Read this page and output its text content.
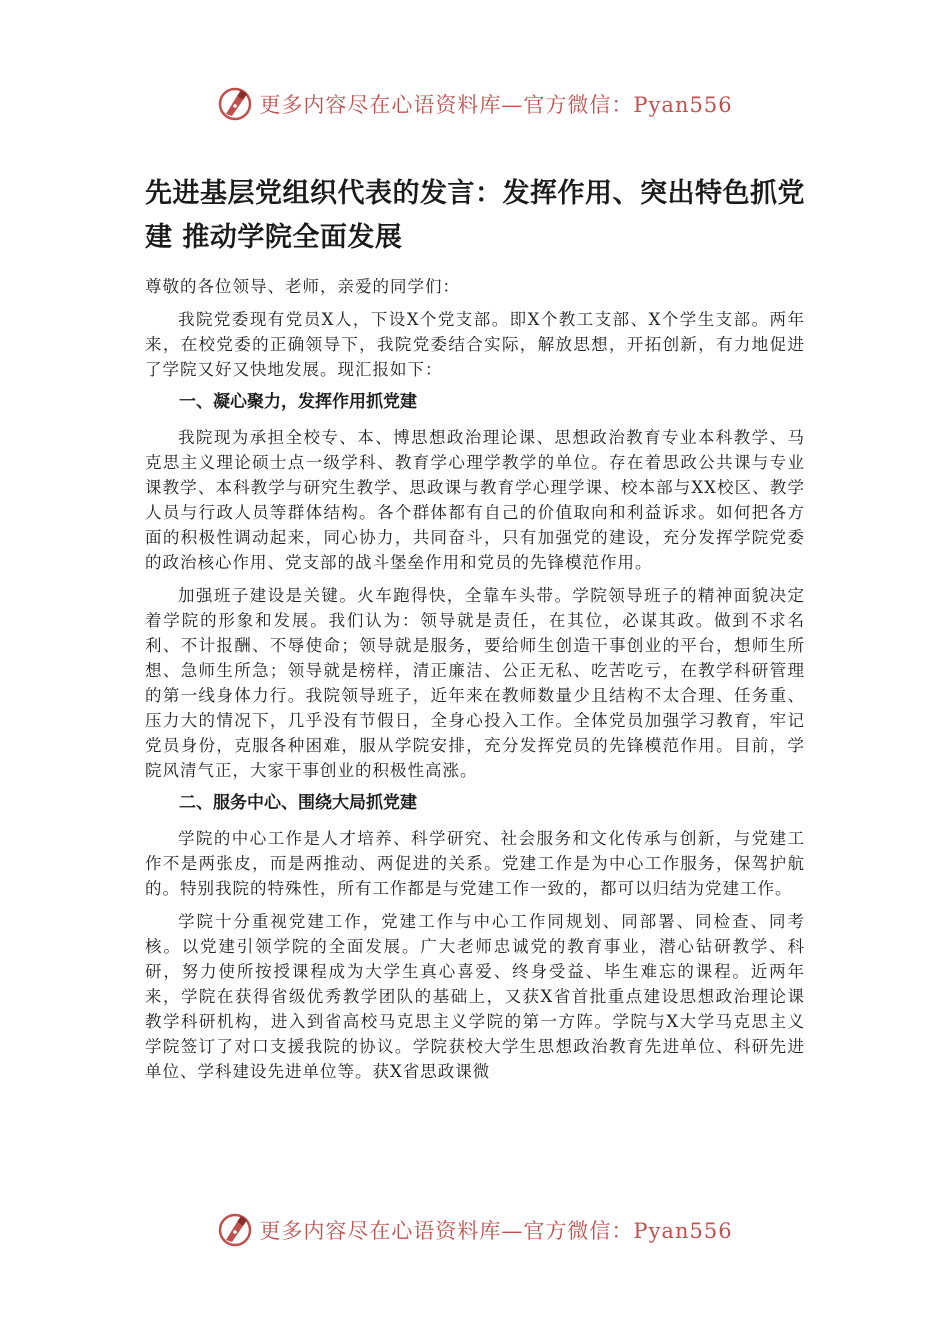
更多内容尽在心语资料库—官方微信：Pyan556
先进基层党组织代表的发言：发挥作用、突出特色抓党建 推动学院全面发展

尊敬的各位领导、老师，亲爱的同学们：

我院党委现有党员X人，下设X个党支部。即X个教工支部、X个学生支部。两年来，在校党委的正确领导下，我院党委结合实际，解放思想，开拓创新，有力地促进了学院又好又快地发展。现汇报如下：

一、凝心聚力，发挥作用抓党建

我院现为承担全校专、本、博思想政治理论课、思想政治教育专业本科教学、马克思主义理论硕士点一级学科、教育学心理学教学的单位。存在着思政公共课与专业课教学、本科教学与研究生教学、思政课与教育学心理学课、校本部与XX校区、教学人员与行政人员等群体结构。各个群体都有自己的价值取向和利益诉求。如何把各方面的积极性调动起来，同心协力，共同奋斗，只有加强党的建设，充分发挥学院党委的政治核心作用、党支部的战斗堡垒作用和党员的先锋模范作用。

加强班子建设是关键。火车跑得快，全靠车头带。学院领导班子的精神面貌决定着学院的形象和发展。我们认为：领导就是责任，在其位，必谋其政。做到不求名利、不计报酬、不辱使命；领导就是服务，要给师生创造干事创业的平台，想师生所想、急师生所急；领导就是榜样，清正廉洁、公正无私、吃苦吃亏，在教学科研管理的第一线身体力行。我院领导班子，近年来在教师数量少且结构不太合理、任务重、压力大的情况下，几乎没有节假日，全身心投入工作。全体党员加强学习教育，牢记党员身份，克服各种困难，服从学院安排，充分发挥党员的先锋模范作用。目前，学院风清气正，大家干事创业的积极性高涨。

二、服务中心、围绕大局抓党建

学院的中心工作是人才培养、科学研究、社会服务和文化传承与创新，与党建工作不是两张皮，而是两推动、两促进的关系。党建工作是为中心工作服务，保驾护航的。特别我院的特殊性，所有工作都是与党建工作一致的，都可以归结为党建工作。

学院十分重视党建工作，党建工作与中心工作同规划、同部署、同检查、同考核。以党建引领学院的全面发展。广大老师忠诚党的教育事业，潜心钻研教学、科研，努力使所按授课程成为大学生真心喜爱、终身受益、毕生难忘的课程。近两年来，学院在获得省级优秀教学团队的基础上，又获X省首批重点建设思想政治理论课教学科研机构，进入到省高校马克思主义学院的第一方阵。学院与X大学马克思主义学院签订了对口支援我院的协议。学院获校大学生思想政治教育先进单位、科研先进单位、学科建设先进单位等。获X省思政课微

更多内容尽在心语资料库—官方微信：Pyan556
